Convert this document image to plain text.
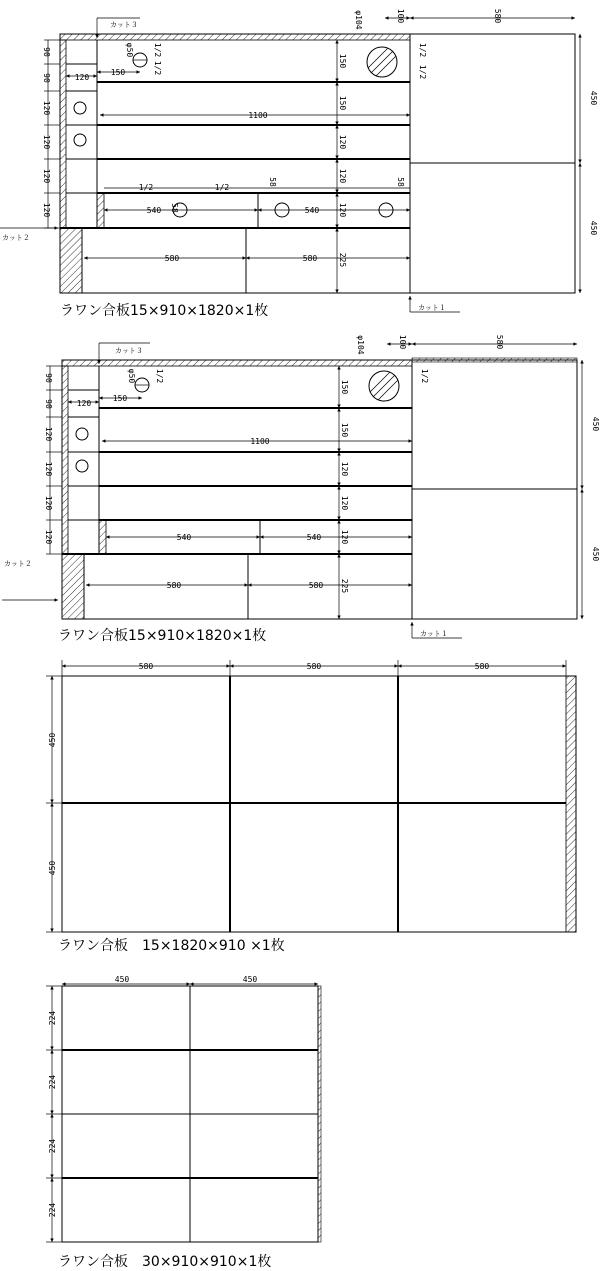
カット３
カット１
カット２
580
100
φ104
φ50
450
450
150
150
120
120
120
225
1100
540	540
580	580
120
150
90
90
120
120
120
120
1/2
1/2
1/2
1/2
1/2	1/2
58	58
58
ラワン合板15×910×1820×1枚
カット３
カット１
カット２
580
100
φ104
φ50
450
450
150
150
120
120
120
225
1100
540	540
580	580
120
150
90
90
120
120
120
120
1/2	1/2
ラワン合板15×910×1820×1枚
580	580	580
450
450
ラワン合板　15×1820×910 ×1枚
450	450
224
224
224
224
ラワン合板　30×910×910×1枚
